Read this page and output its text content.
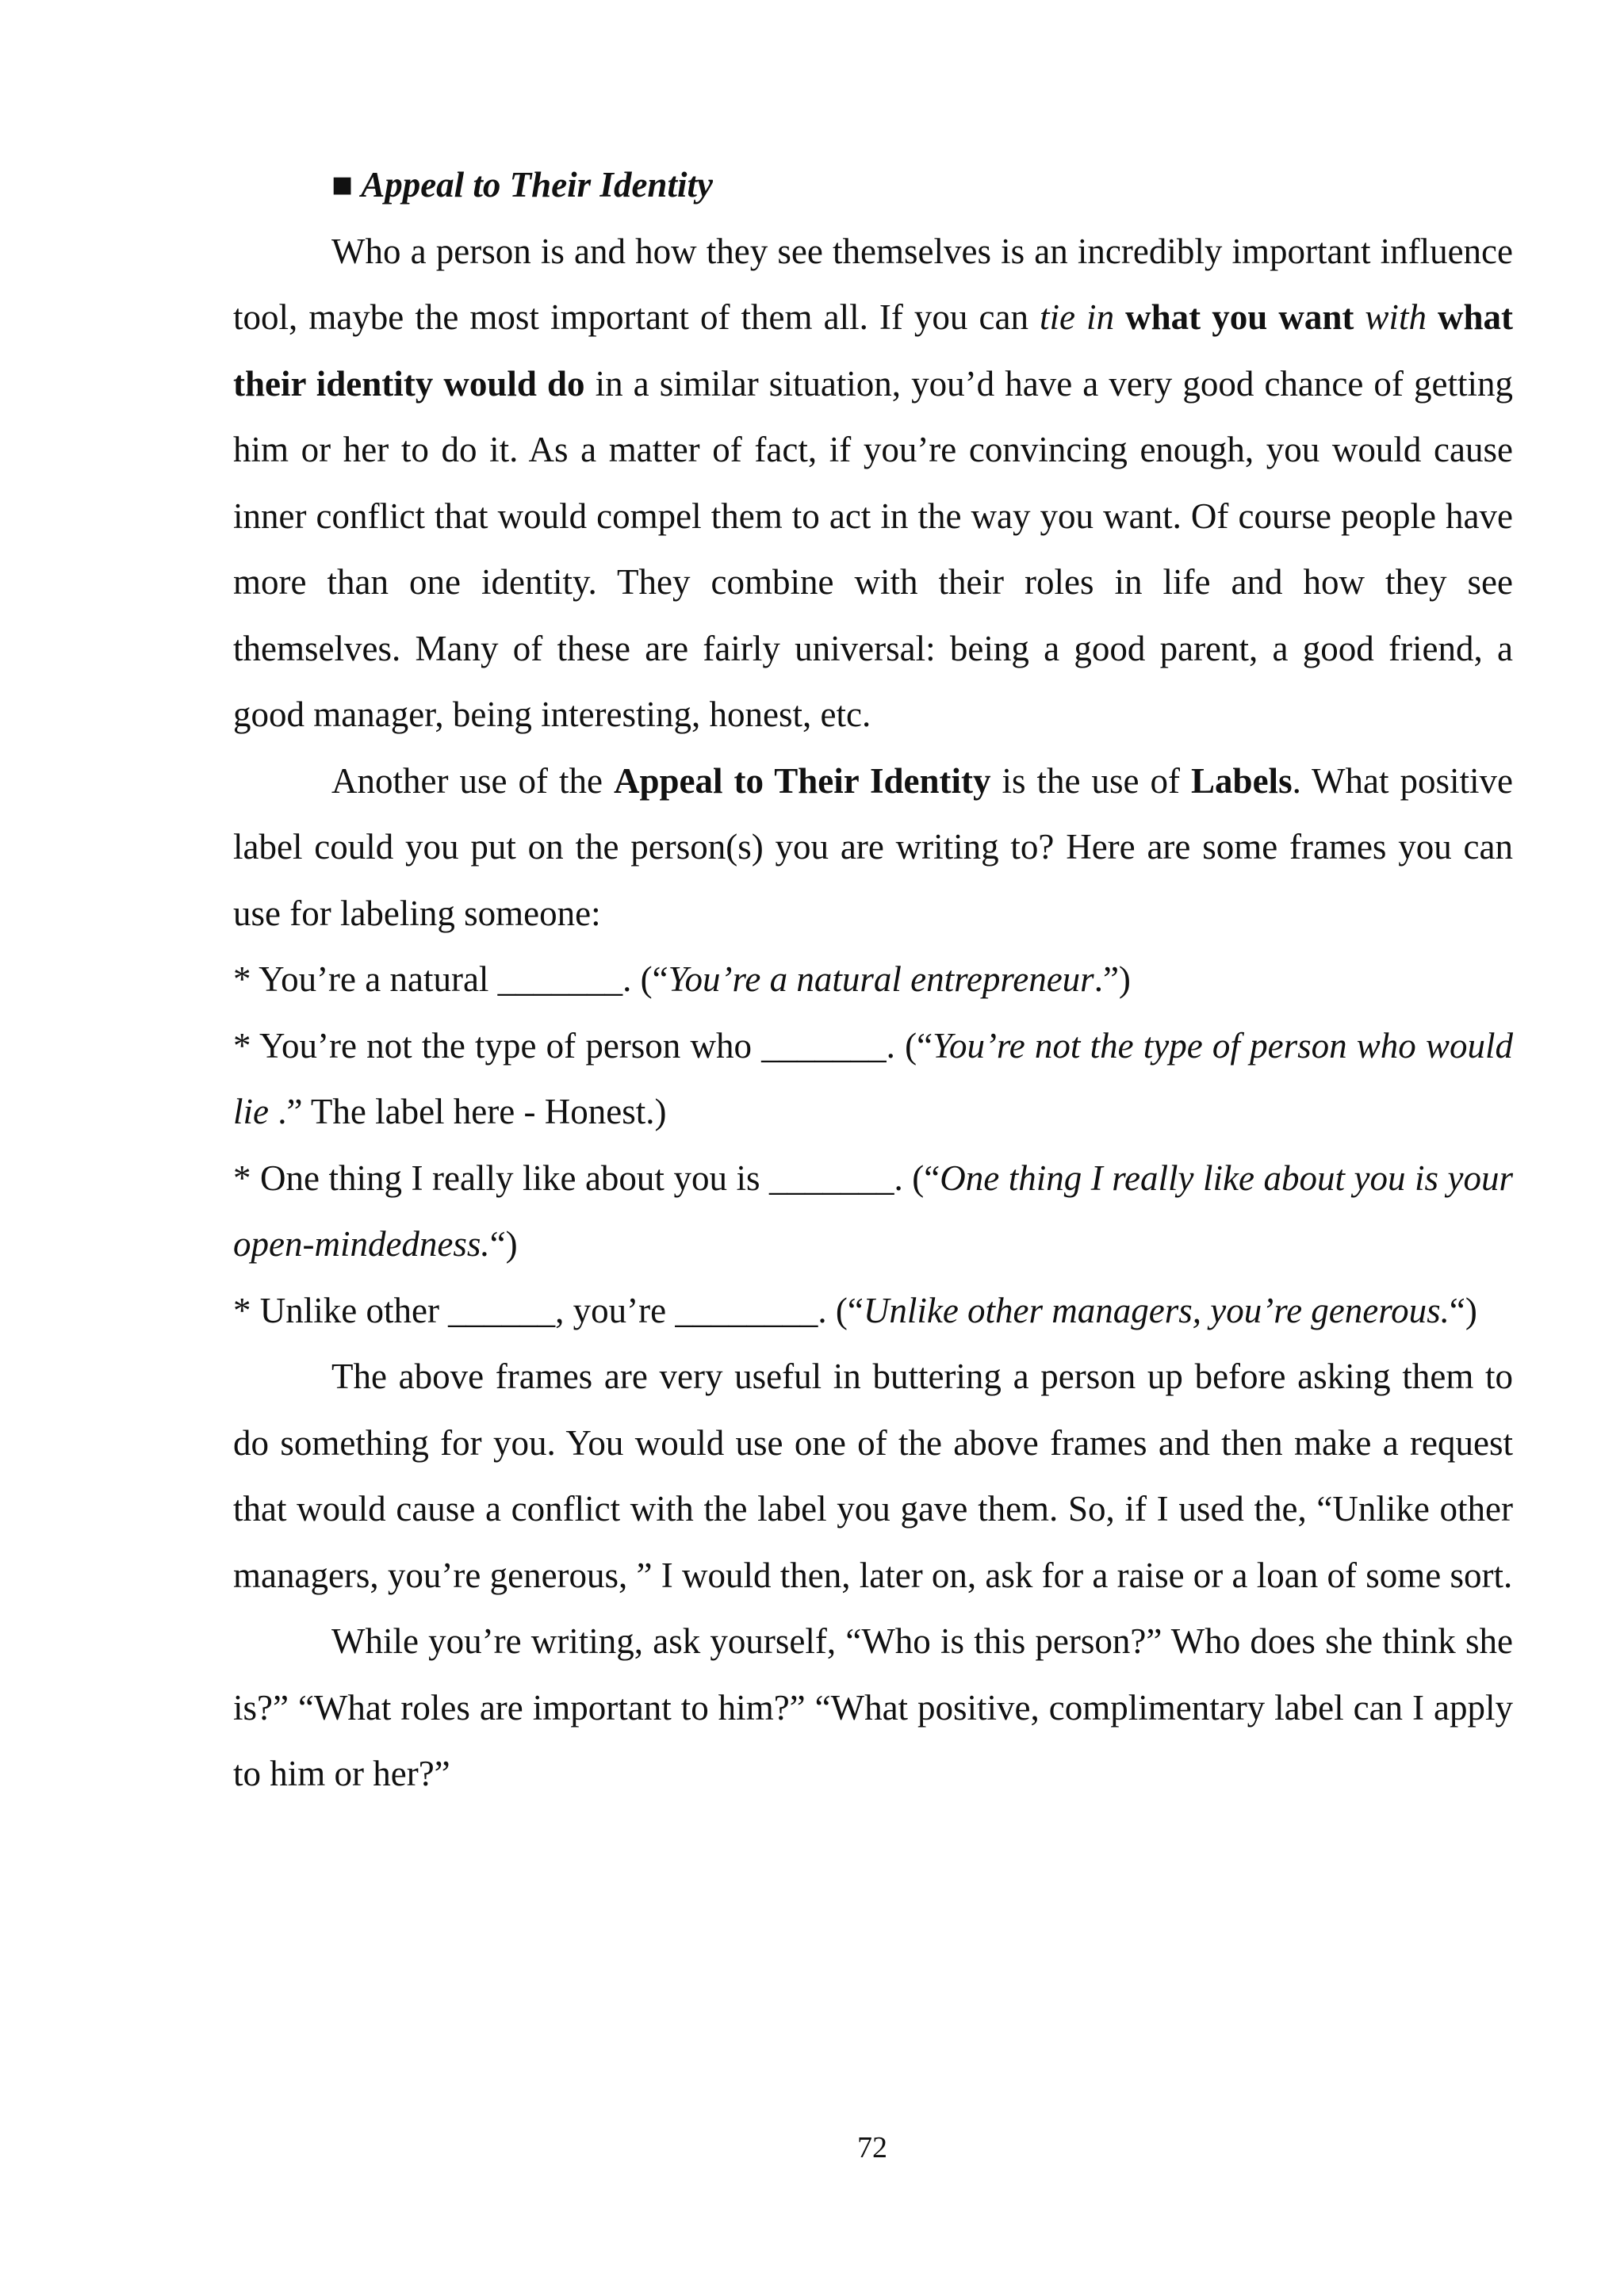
■ Appeal to Their Identity

Who a person is and how they see themselves is an incredibly important influence tool, maybe the most important of them all. If you can tie in what you want with what their identity would do in a similar situation, you’d have a very good chance of getting him or her to do it. As a matter of fact, if you’re convincing enough, you would cause inner conflict that would compel them to act in the way you want. Of course people have more than one identity. They combine with their roles in life and how they see themselves. Many of these are fairly universal: being a good parent, a good friend, a good manager, being interesting, honest, etc.

Another use of the Appeal to Their Identity is the use of Labels. What positive label could you put on the person(s) you are writing to? Here are some frames you can use for labeling someone:

* You’re a natural _______. (“You’re a natural entrepreneur.”)

* You’re not the type of person who _______. (“You’re not the type of person who would lie .” The label here - Honest.)

* One thing I really like about you is _______. (“One thing I really like about you is your open-mindedness.“)

* Unlike other ______, you’re ________. (“Unlike other managers, you’re generous.“)

The above frames are very useful in buttering a person up before asking them to do something for you. You would use one of the above frames and then make a request that would cause a conflict with the label you gave them. So, if I used the, “Unlike other managers, you’re generous, ” I would then, later on, ask for a raise or a loan of some sort.

While you’re writing, ask yourself, “Who is this person?” Who does she think she is?” “What roles are important to him?” “What positive, complimentary label can I apply to him or her?”

72
